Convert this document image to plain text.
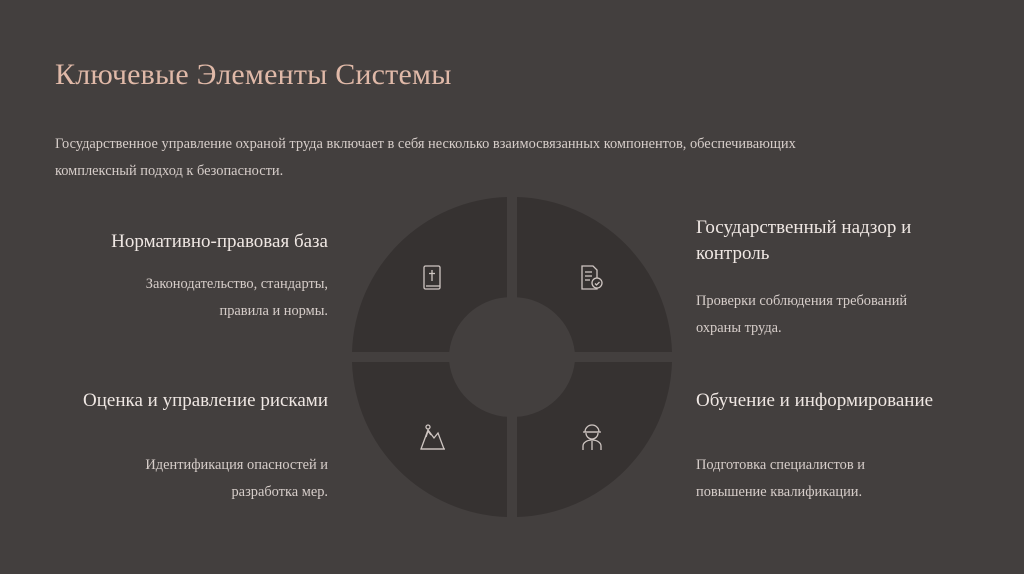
Ключевые Элементы Системы
Государственное управление охраной труда включает в себя несколько взаимосвязанных компонентов, обеспечивающих
комплексный подход к безопасности.
Нормативно-правовая база
Законодательство, стандарты,
правила и нормы.
Государственный надзор и
контроль
Проверки соблюдения требований
охраны труда.
Оценка и управление рисками
Идентификация опасностей и
разработка мер.
Обучение и информирование
Подготовка специалистов и
повышение квалификации.
